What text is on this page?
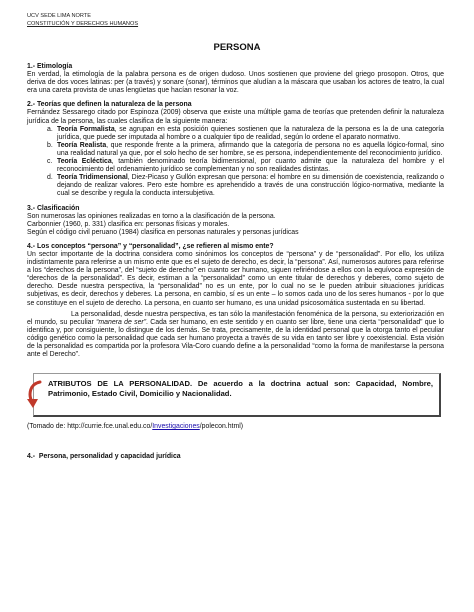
UCV SEDE LIMA NORTE
CONSTITUCIÓN Y DERECHOS HUMANOS
PERSONA
1.- Etimología

En verdad, la etimología de la palabra persona es de origen dudoso. Unos sostienen que proviene del griego prosopon. Otros, que deriva de dos voces latinas: per (a través) y sonare (sonar), términos que aludían a la máscara que usaban los actores de teatro, la cual era una careta provista de unas lengüetas que hacían resonar la voz.

2.- Teorías que definen la naturaleza de la persona

Fernández Sessarego citado por Espinoza (2009) observa que existe una múltiple gama de teorías que pretenden definir la naturaleza jurídica de la persona, las cuales clasifica de la siguiente manera:

a. Teoría Formalista, se agrupan en esta posición quienes sostienen que la naturaleza de la persona es la de una categoría jurídica, que puede ser imputada al hombre o a cualquier tipo de realidad, según lo ordene el aparato normativo.
b. Teoría Realista, que responde frente a la primera, afirmando que la categoría de persona no es aquella lógico-formal, sino una realidad natural ya que, por el solo hecho de ser hombre, se es persona, independientemente del reconocimiento jurídico.
c. Teoría Ecléctica, también denominado teoría bidimensional, por cuanto admite que la naturaleza del hombre y el reconocimiento del ordenamiento jurídico se complementan y no son realidades distintas.
d. Teoría Tridimensional, Diez-Picaso y Gullón expresan que persona: el hombre en su dimensión de coexistencia, realizando o dejando de realizar valores. Pero este hombre es aprehendido a través de una construcción lógico-normativa, mediante la cual se describe y regula la conducta intersubjetiva.
3.- Clasificación

Son numerosas las opiniones realizadas en torno a la clasificación de la persona.

Carbonnier (1960, p. 331) clasifica en: personas físicas y morales.

Según el código civil peruano (1984) clasifica en personas naturales y personas jurídicas

4.- Los conceptos “persona” y “personalidad”, ¿se refieren al mismo ente?

Un sector importante de la doctrina considera como sinónimos los conceptos de “persona” y de “personalidad”. Por ello, los utiliza indistintamente para referirse a un mismo ente que es el sujeto de derecho, es decir, la “persona”. Así, numerosos autores para referirse a los “derechos de la persona”, del “sujeto de derecho” en cuanto ser humano, siguen refiriéndose a ellos con la equívoca expresión de “derechos de la personalidad”. Es decir, estiman a la “personalidad” como un ente titular de derechos y deberes, como sujeto de derecho. Desde nuestra perspectiva, la “personalidad” no es un ente, por lo cual no se le pueden atribuir situaciones jurídicas subjetivas, es decir, derechos y deberes. La persona, en cambio, sí es un ente – lo somos cada uno de los seres humanos - por lo que se constituye en el sujeto de derecho. La persona, en cuanto ser humano, es una unidad psicosomática sustentada en su libertad.

La personalidad, desde nuestra perspectiva, es tan sólo la manifestación fenoménica de la persona, su exteriorización en el mundo, su peculiar “manera de ser”. Cada ser humano, en este sentido y en cuanto ser libre, tiene una cierta “personalidad” que lo identifica y, por consiguiente, lo distingue de los demás. Se trata, precisamente, de la identidad personal que la otorga tanto el peculiar código genético como la personalidad que cada ser humano proyecta a través de su vida en tanto ser libre y coexistencial. Esta visión de la personalidad es compartida por la profesora Vila-Coro cuando define a la personalidad “como la forma de manifestarse la persona ante el Derecho”.

ATRIBUTOS DE LA PERSONALIDAD. De acuerdo a la doctrina actual son: Capacidad, Nombre, Patrimonio, Estado Civil, Domicilio y Nacionalidad.

(Tomado de: http://currie.fce.unal.edu.co/Investigaciones/polecon.html)

4.- Persona, personalidad y capacidad jurídica
